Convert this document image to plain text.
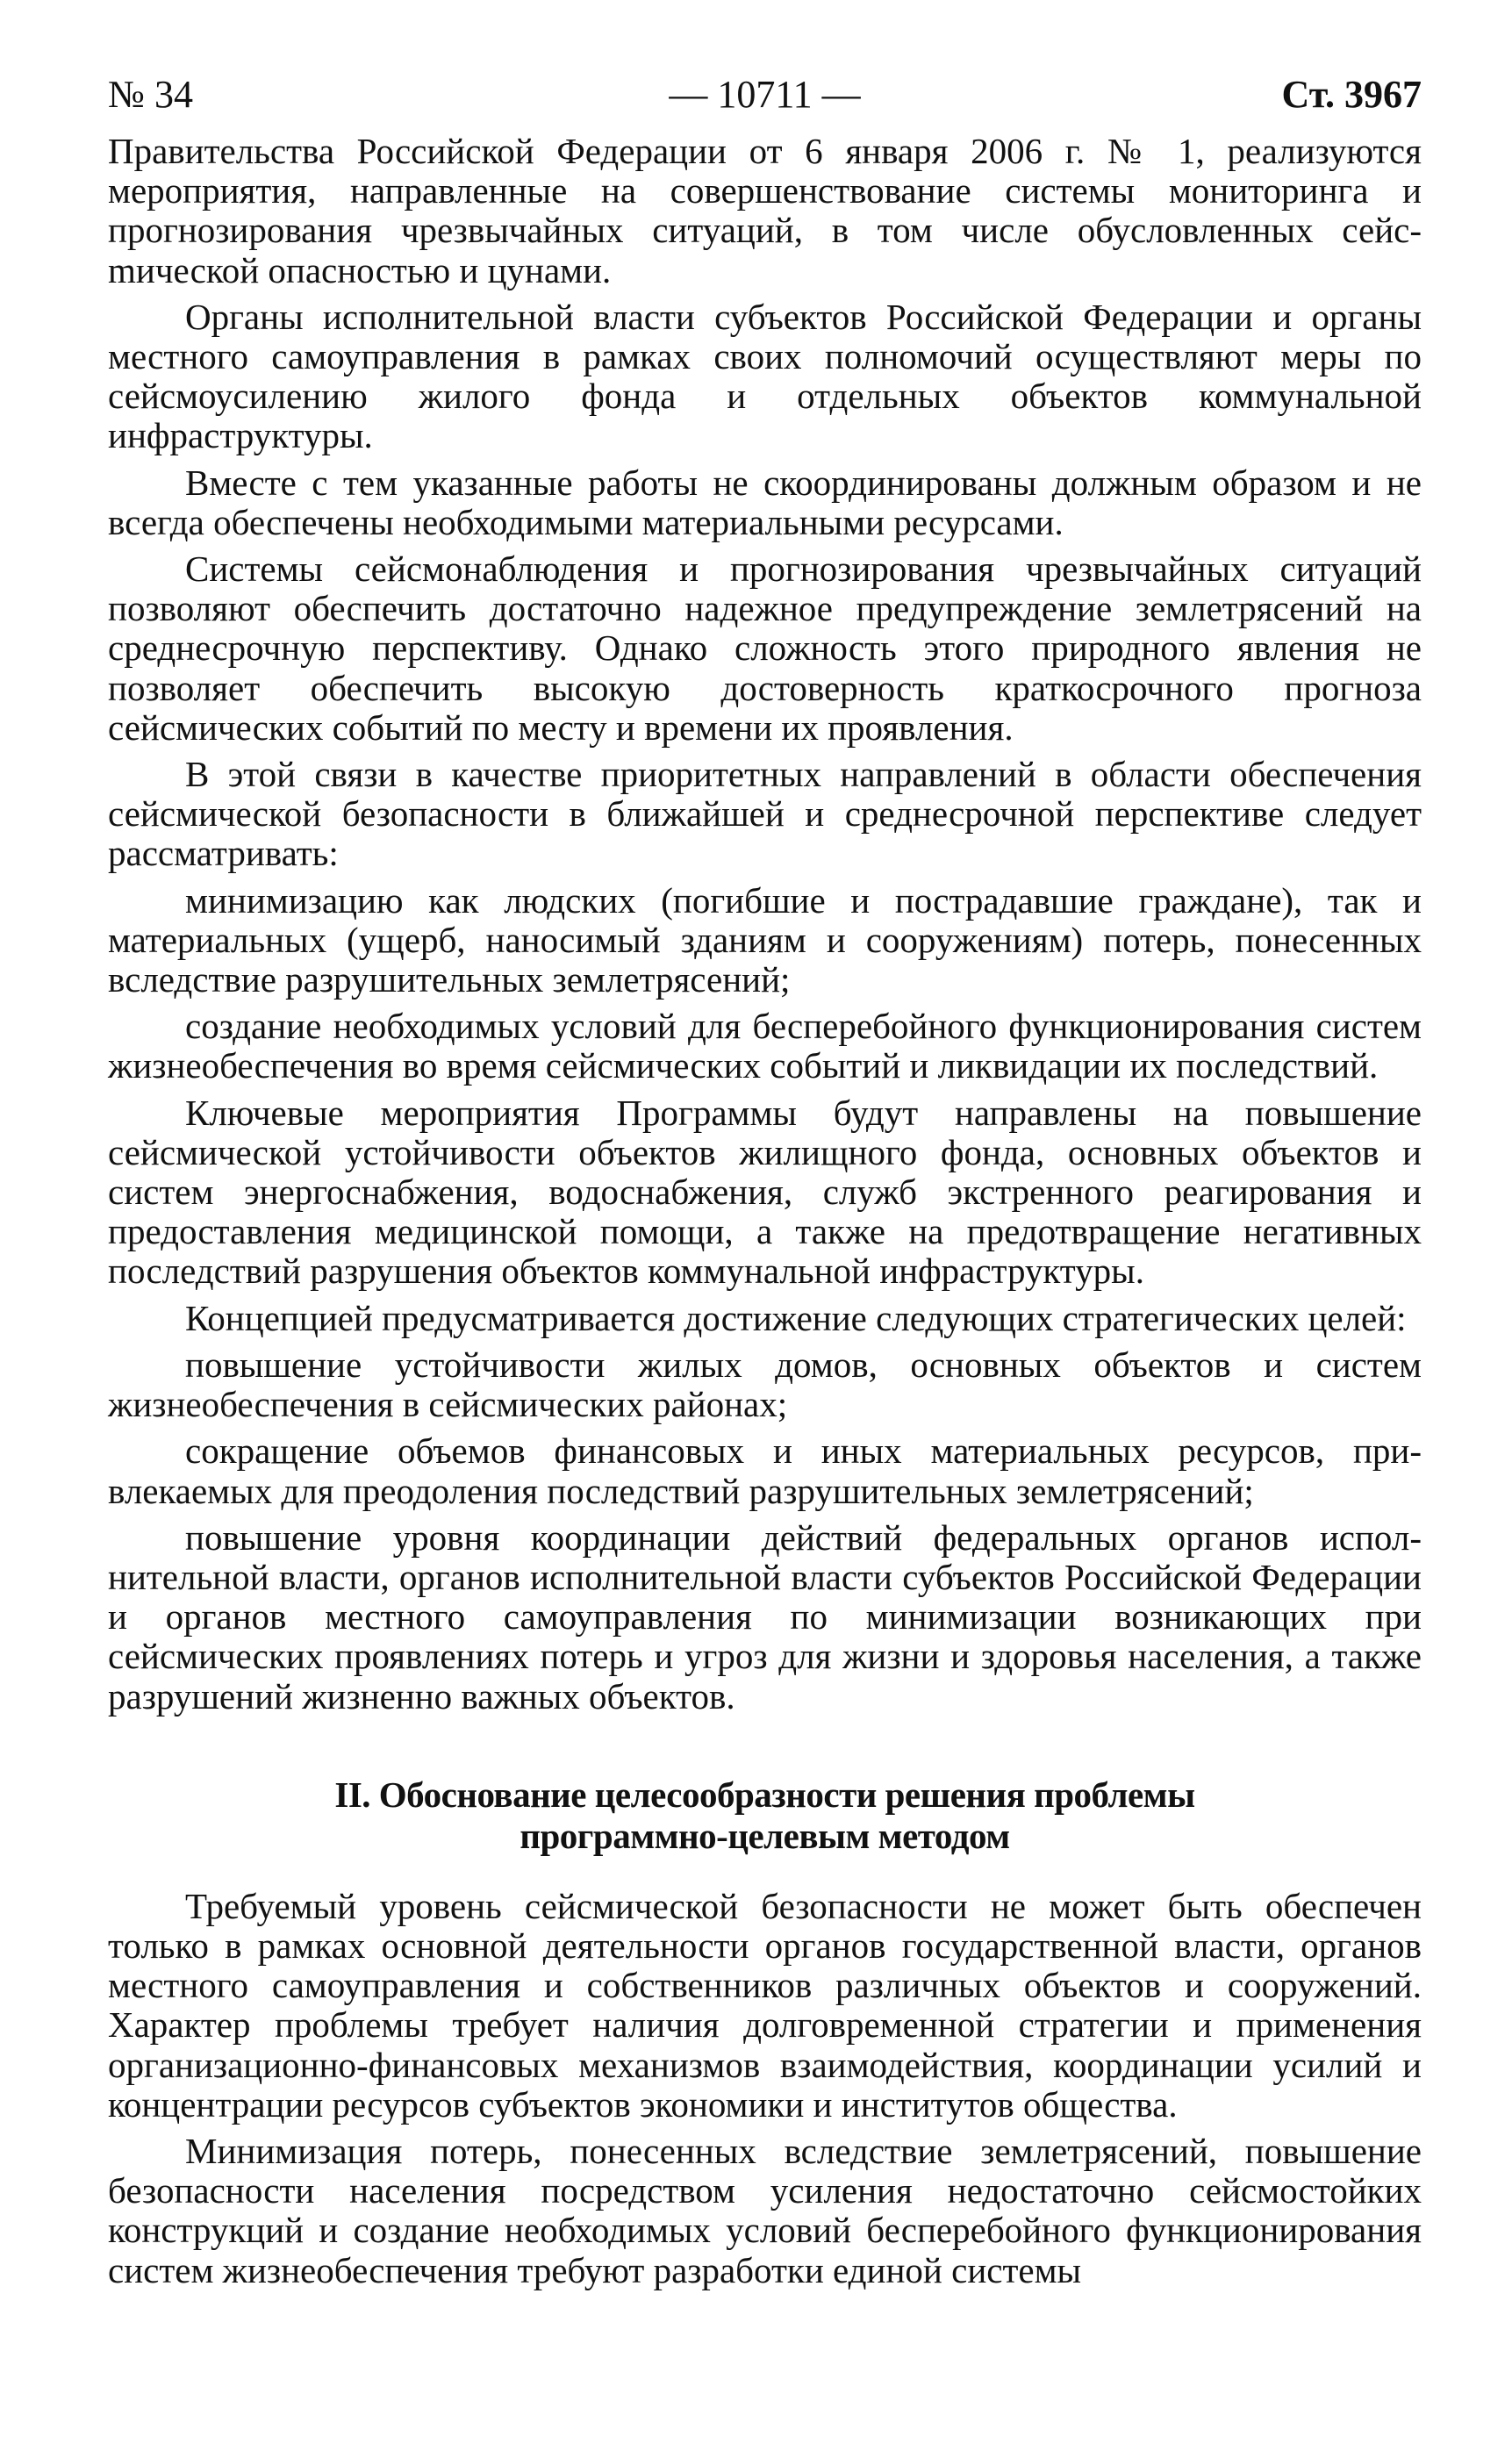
№ 34	— 10711 —	Ст. 3967

Правительства Российской Федерации от 6 января 2006 г. № 1, реализуются мероприятия, направленные на совершенствование системы мониторинга и прогнозирования чрезвычайных ситуаций, в том числе обусловленных сейсmической опасностью и цунами.

Органы исполнительной власти субъектов Российской Федерации и органы местного самоуправления в рамках своих полномочий осуществляют меры по сейсмоусилению жилого фонда и отдельных объектов коммунальной инфраструктуры.

Вместе с тем указанные работы не скоординированы должным образом и не всегда обеспечены необходимыми материальными ресурсами.

Системы сейсмонаблюдения и прогнозирования чрезвычайных ситуаций позволяют обеспечить достаточно надежное предупреждение землетрясений на среднесрочную перспективу. Однако сложность этого природного явления не позволяет обеспечить высокую достоверность краткосрочного прогноза сейсмических событий по месту и времени их проявления.

В этой связи в качестве приоритетных направлений в области обеспечения сейсмической безопасности в ближайшей и среднесрочной перспективе следует рассматривать:

минимизацию как людских (погибшие и пострадавшие граждане), так и материальных (ущерб, наносимый зданиям и сооружениям) потерь, понесенных вследствие разрушительных землетрясений;

создание необходимых условий для бесперебойного функционирования систем жизнеобеспечения во время сейсмических событий и ликвидации их последствий.

Ключевые мероприятия Программы будут направлены на повышение сейсмической устойчивости объектов жилищного фонда, основных объектов и систем энергоснабжения, водоснабжения, служб экстренного реагирования и предоставления медицинской помощи, а также на предотвращение негативных последствий разрушения объектов коммунальной инфраструктуры.

Концепцией предусматривается достижение следующих стратегических целей:

повышение устойчивости жилых домов, основных объектов и систем жизнеобеспечения в сейсмических районах;

сокращение объемов финансовых и иных материальных ресурсов, привлекаемых для преодоления последствий разрушительных землетрясений;

повышение уровня координации действий федеральных органов исполнительной власти, органов исполнительной власти субъектов Российской Федерации и органов местного самоуправления по минимизации возникающих при сейсмических проявлениях потерь и угроз для жизни и здоровья населения, а также разрушений жизненно важных объектов.

II. Обоснование целесообразности решения проблемы
программно-целевым методом

Требуемый уровень сейсмической безопасности не может быть обеспечен только в рамках основной деятельности органов государственной власти, органов местного самоуправления и собственников различных объектов и сооружений. Характер проблемы требует наличия долговременной стратегии и применения организационно-финансовых механизмов взаимодействия, координации усилий и концентрации ресурсов субъектов экономики и институтов общества.

Минимизация потерь, понесенных вследствие землетрясений, повышение безопасности населения посредством усиления недостаточно сейсмостойких конструкций и создание необходимых условий бесперебойного функционирования систем жизнеобеспечения требуют разработки единой системы
